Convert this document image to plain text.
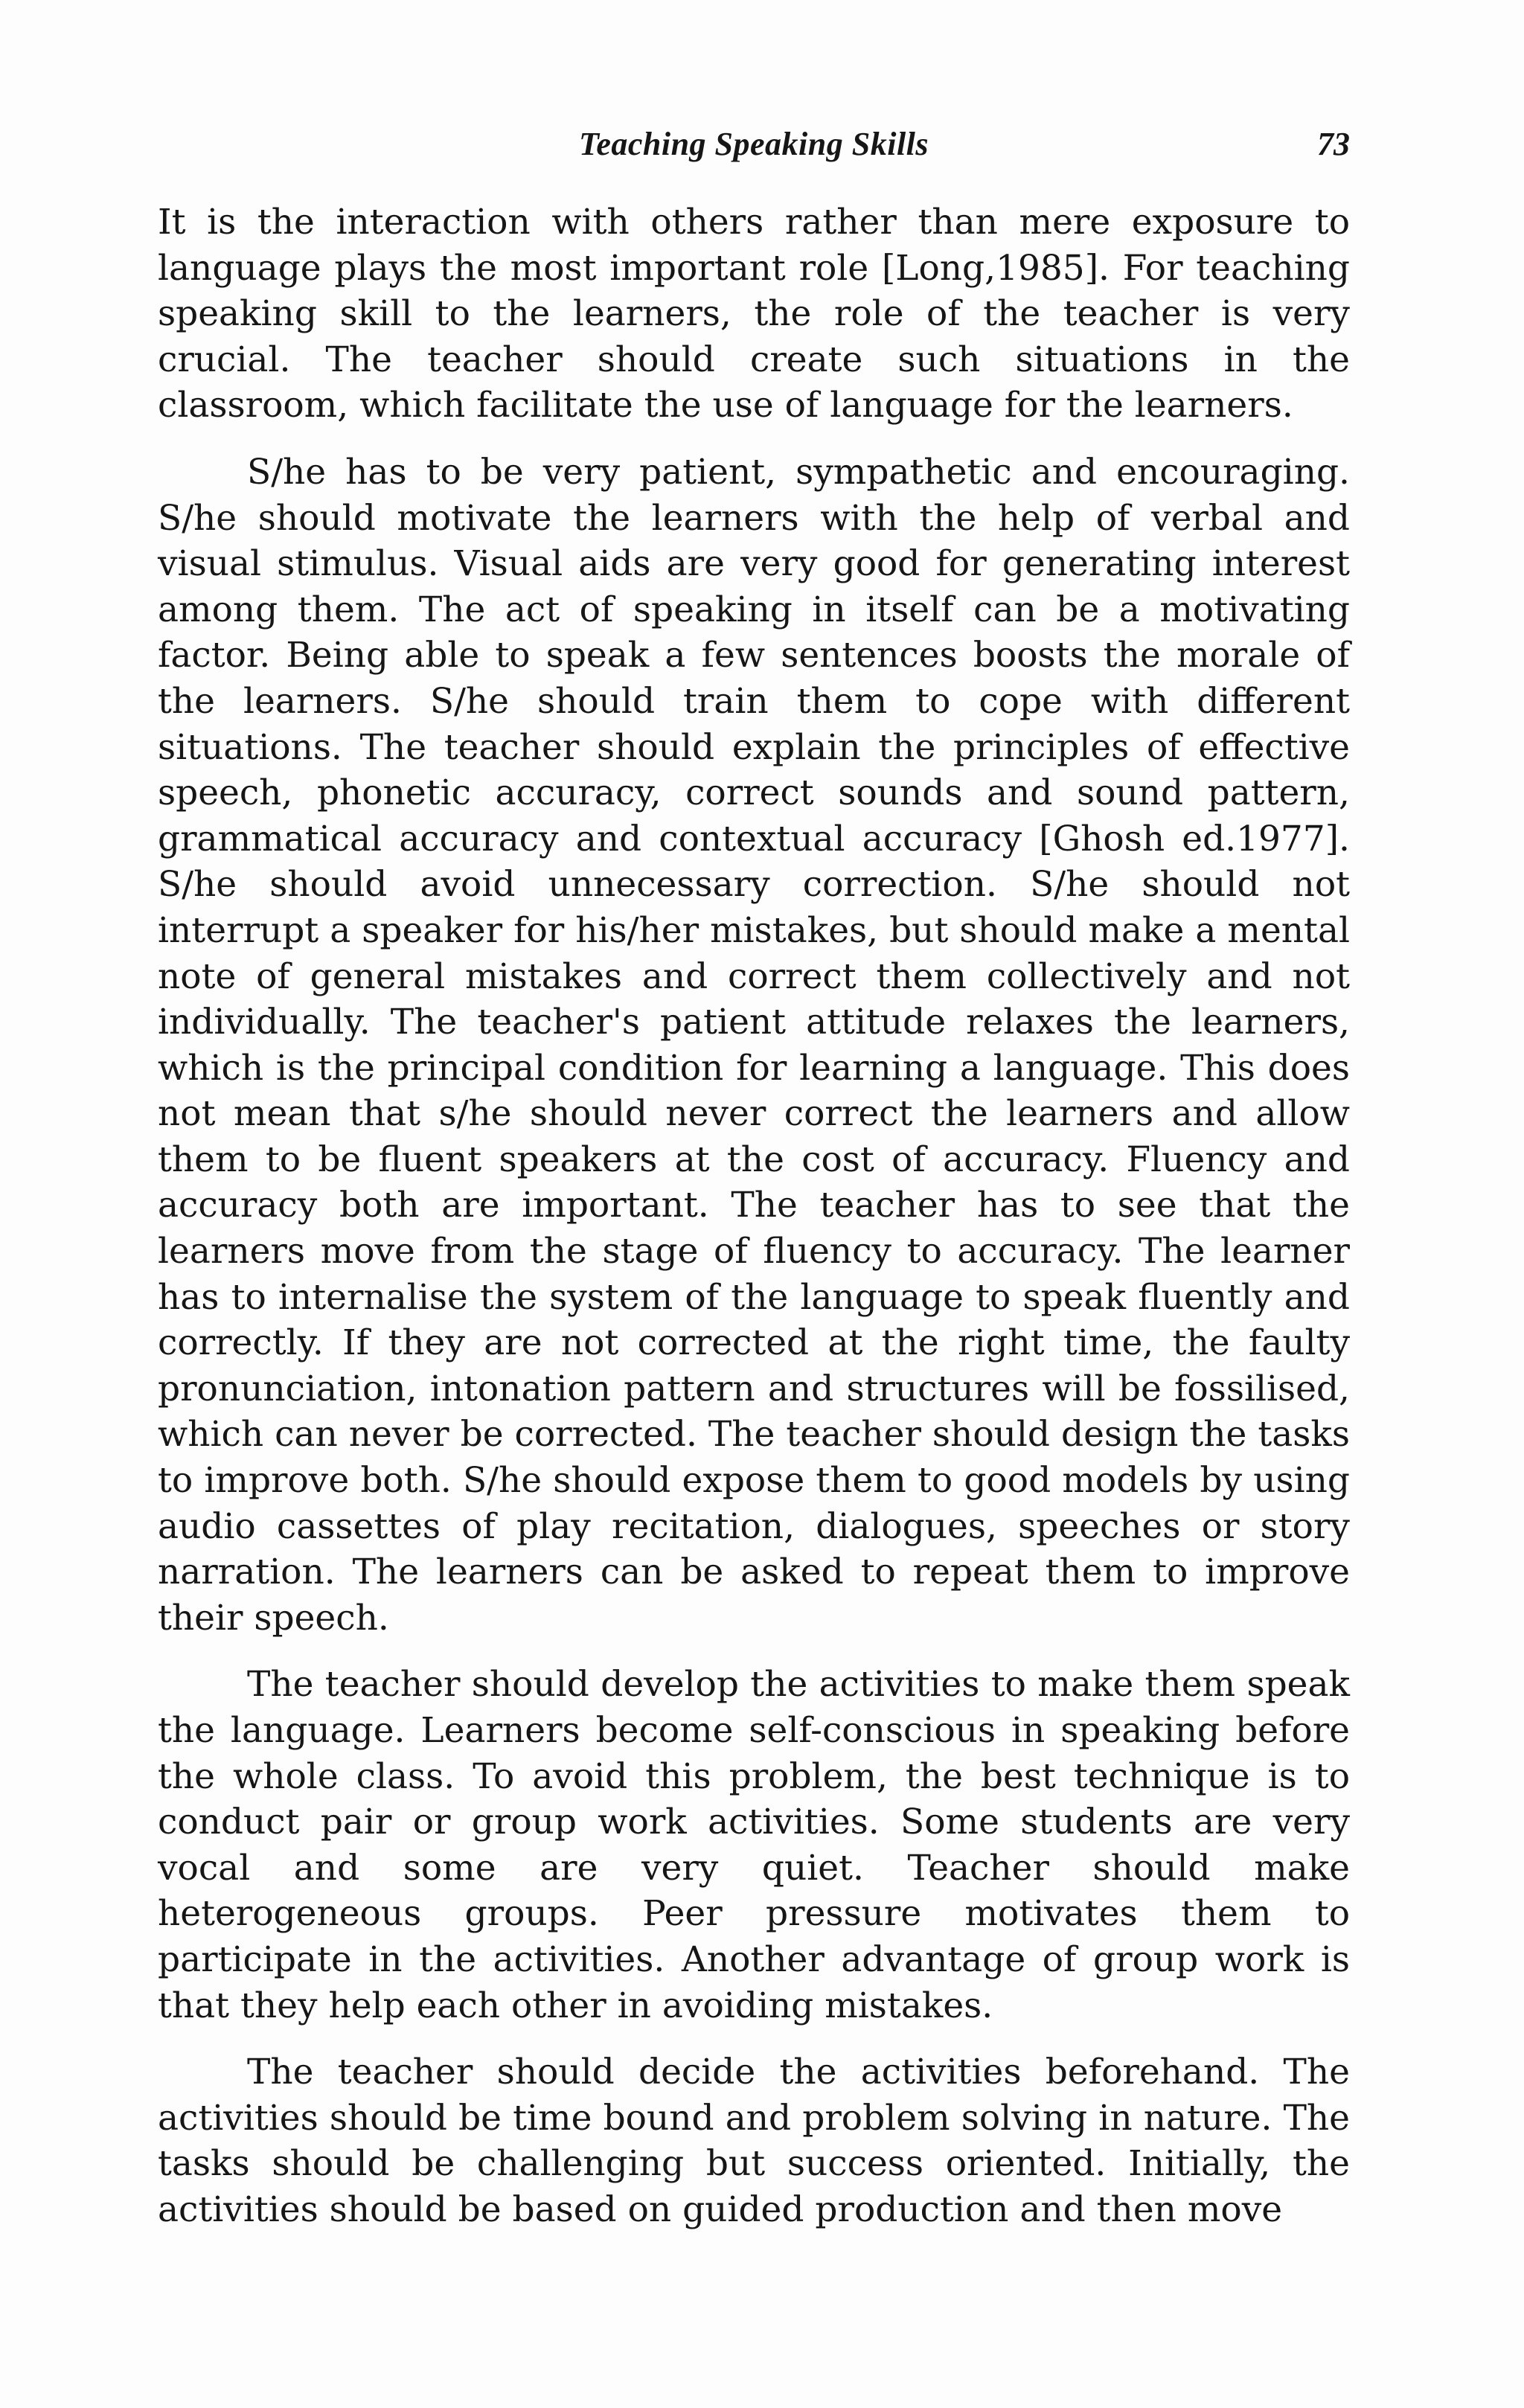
Teaching Speaking Skills	73

It is the interaction with others rather than mere exposure to language plays the most important role [Long,1985]. For teaching speaking skill to the learners, the role of the teacher is very crucial. The teacher should create such situations in the classroom, which facilitate the use of language for the learners.

S/he has to be very patient, sympathetic and encouraging. S/he should motivate the learners with the help of verbal and visual stimulus. Visual aids are very good for generating interest among them. The act of speaking in itself can be a motivating factor. Being able to speak a few sentences boosts the morale of the learners. S/he should train them to cope with different situations. The teacher should explain the principles of effective speech, phonetic accuracy, correct sounds and sound pattern, grammatical accuracy and contextual accuracy [Ghosh ed.1977]. S/he should avoid unnecessary correction. S/he should not interrupt a speaker for his/her mistakes, but should make a mental note of general mistakes and correct them collectively and not individually. The teacher's patient attitude relaxes the learners, which is the principal condition for learning a language. This does not mean that s/he should never correct the learners and allow them to be fluent speakers at the cost of accuracy. Fluency and accuracy both are important. The teacher has to see that the learners move from the stage of fluency to accuracy. The learner has to internalise the system of the language to speak fluently and correctly. If they are not corrected at the right time, the faulty pronunciation, intonation pattern and structures will be fossilised, which can never be corrected. The teacher should design the tasks to improve both. S/he should expose them to good models by using audio cassettes of play recitation, dialogues, speeches or story narration. The learners can be asked to repeat them to improve their speech.

The teacher should develop the activities to make them speak the language. Learners become self-conscious in speaking before the whole class. To avoid this problem, the best technique is to conduct pair or group work activities. Some students are very vocal and some are very quiet. Teacher should make heterogeneous groups. Peer pressure motivates them to participate in the activities. Another advantage of group work is that they help each other in avoiding mistakes.

The teacher should decide the activities beforehand. The activities should be time bound and problem solving in nature. The tasks should be challenging but success oriented. Initially, the activities should be based on guided production and then move
